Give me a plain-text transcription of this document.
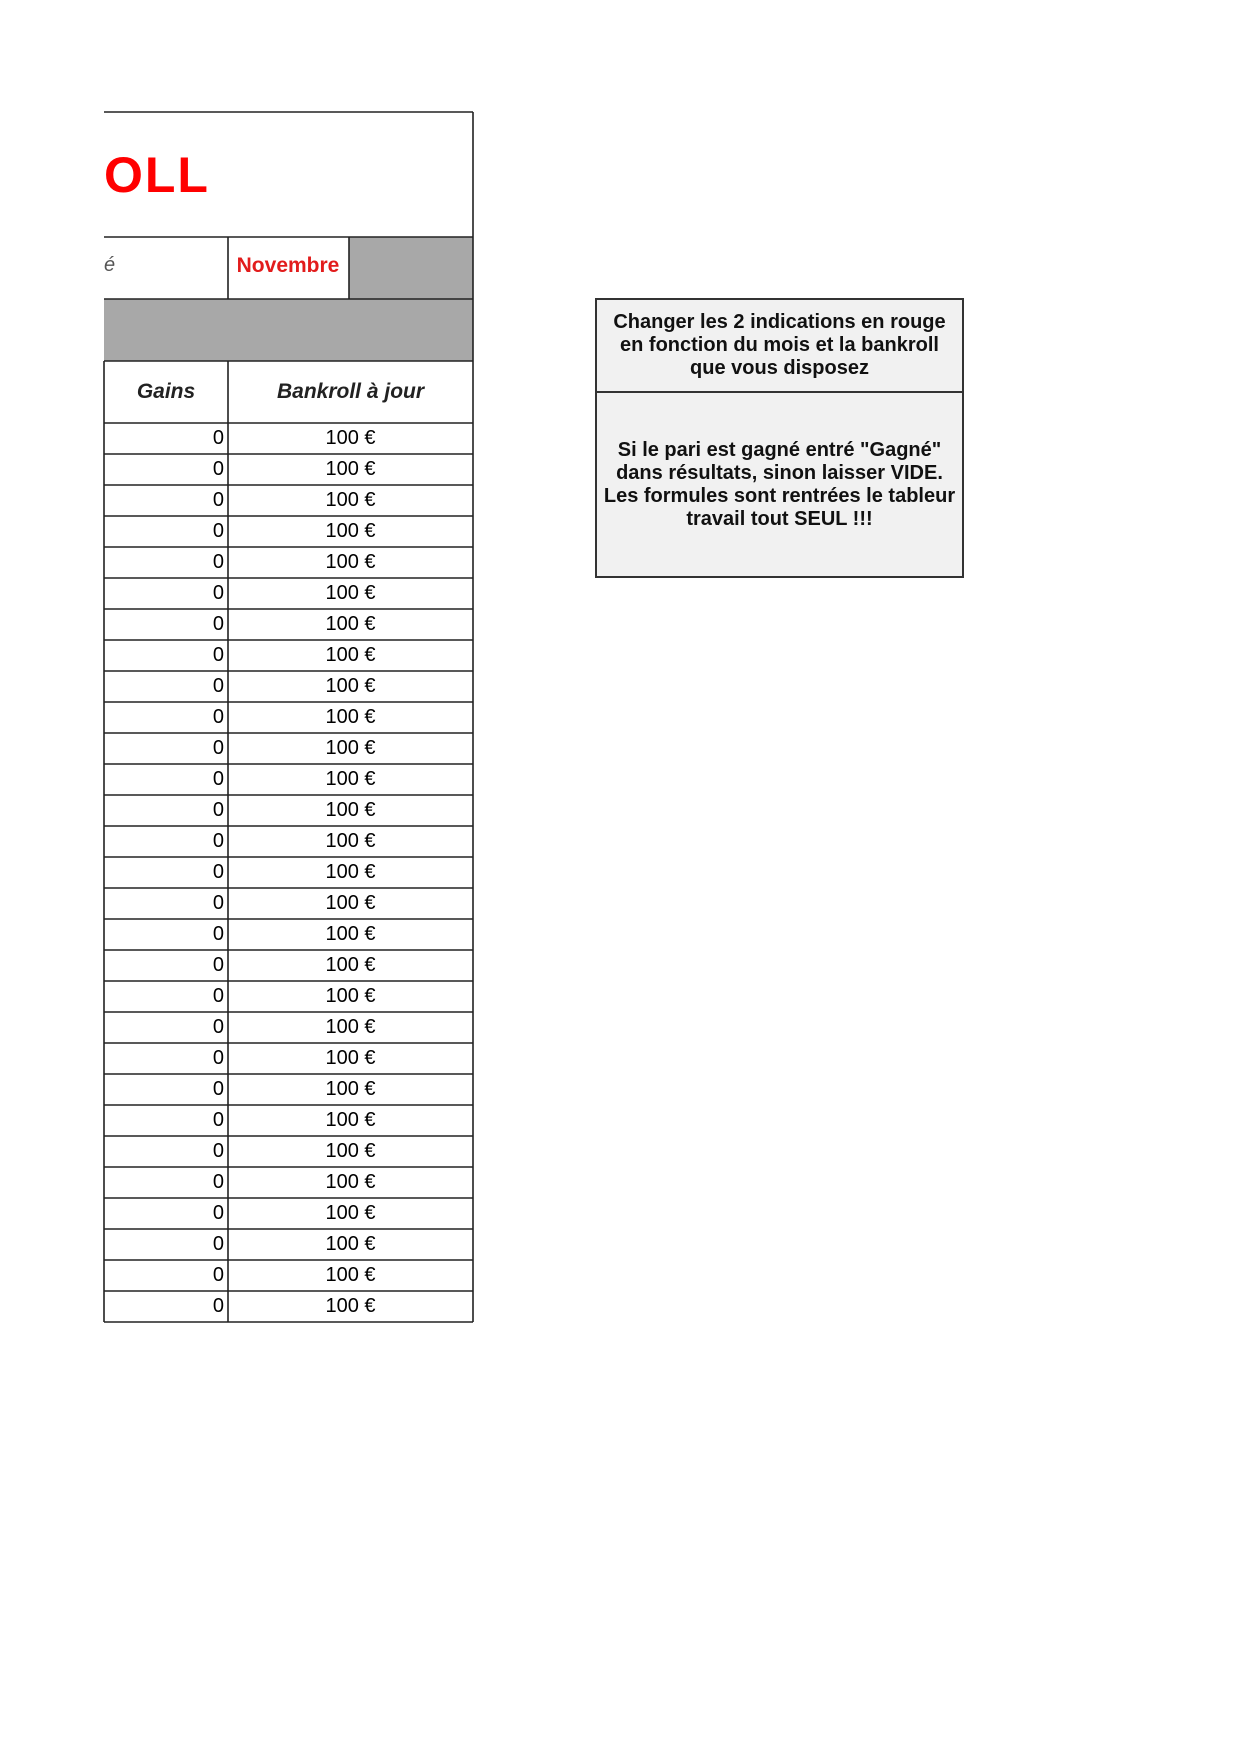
OLL
é	Novembre
Gains	Bankroll à jour
0	100 €
0	100 €
0	100 €
0	100 €
0	100 €
0	100 €
0	100 €
0	100 €
0	100 €
0	100 €
0	100 €
0	100 €
0	100 €
0	100 €
0	100 €
0	100 €
0	100 €
0	100 €
0	100 €
0	100 €
0	100 €
0	100 €
0	100 €
0	100 €
0	100 €
0	100 €
0	100 €
0	100 €
0	100 €
Changer les 2 indications en rouge en fonction du mois et la bankroll que vous disposez
Si le pari est gagné entré "Gagné" dans résultats, sinon laisser VIDE. Les formules sont rentrées le tableur travail tout SEUL !!!
